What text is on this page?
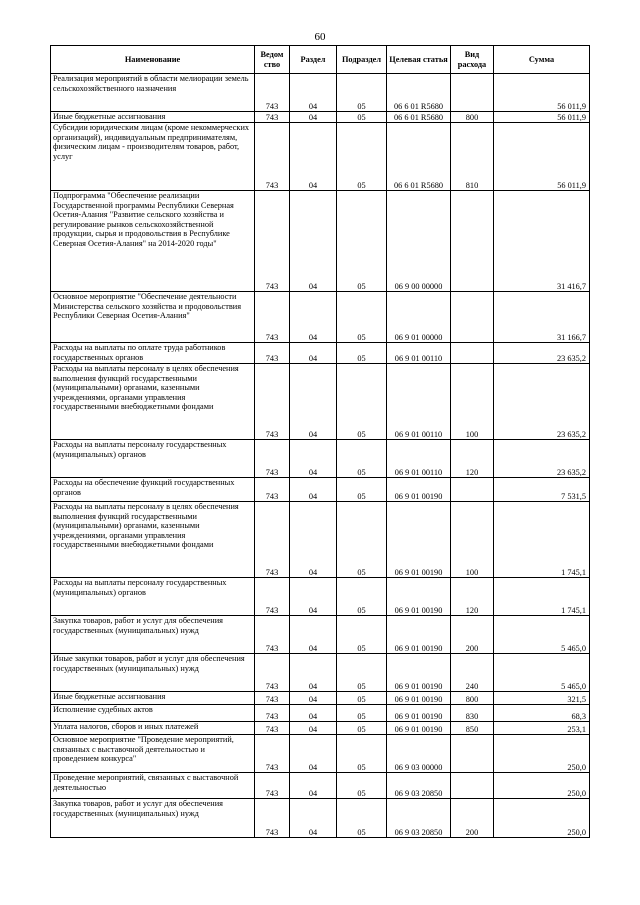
60
Наименование	Ведом ство	Раздел	Подраздел	Целевая статья	Вид расхода	Сумма
Реализация мероприятий в области мелиорации земель сельскохозяйственного назначения	743	04	05	06 6 01 R5680		56 011,9
Иные бюджетные ассигнования	743	04	05	06 6 01 R5680	800	56 011,9
Субсидии юридическим лицам (кроме некоммерческих организаций), индивидуальным предпринимателям, физическим лицам - производителям товаров, работ, услуг	743	04	05	06 6 01 R5680	810	56 011,9
Подпрограмма "Обеспечение реализации Государственной программы Республики Северная Осетия-Алания "Развитие сельского хозяйства и регулирование рынков сельскохозяйственной продукции, сырья и продовольствия в Республике Северная Осетия-Алания" на 2014-2020 годы"	743	04	05	06 9 00 00000		31 416,7
Основное мероприятие "Обеспечение деятельности Министерства сельского хозяйства и продовольствия Республики Северная Осетия-Алания"	743	04	05	06 9 01 00000		31 166,7
Расходы на выплаты по оплате труда работников государственных органов	743	04	05	06 9 01 00110		23 635,2
Расходы на выплаты персоналу в целях обеспечения выполнения функций государственными (муниципальными) органами, казенными учреждениями, органами управления государственными внебюджетными фондами	743	04	05	06 9 01 00110	100	23 635,2
Расходы на выплаты персоналу государственных (муниципальных) органов	743	04	05	06 9 01 00110	120	23 635,2
Расходы на обеспечение функций государственных органов	743	04	05	06 9 01 00190		7 531,5
Расходы на выплаты персоналу в целях обеспечения выполнения функций государственными (муниципальными) органами, казенными учреждениями, органами управления государственными внебюджетными фондами	743	04	05	06 9 01 00190	100	1 745,1
Расходы на выплаты персоналу государственных (муниципальных) органов	743	04	05	06 9 01 00190	120	1 745,1
Закупка товаров, работ и услуг для обеспечения государственных (муниципальных) нужд	743	04	05	06 9 01 00190	200	5 465,0
Иные закупки товаров, работ и услуг для обеспечения государственных (муниципальных) нужд	743	04	05	06 9 01 00190	240	5 465,0
Иные бюджетные ассигнования	743	04	05	06 9 01 00190	800	321,5
Исполнение судебных актов	743	04	05	06 9 01 00190	830	68,3
Уплата налогов, сборов и иных платежей	743	04	05	06 9 01 00190	850	253,1
Основное мероприятие "Проведение мероприятий, связанных с выставочной деятельностью и проведением конкурса"	743	04	05	06 9 03 00000		250,0
Проведение мероприятий, связанных с выставочной деятельностью	743	04	05	06 9 03 20850		250,0
Закупка товаров, работ и услуг для обеспечения государственных (муниципальных) нужд	743	04	05	06 9 03 20850	200	250,0
